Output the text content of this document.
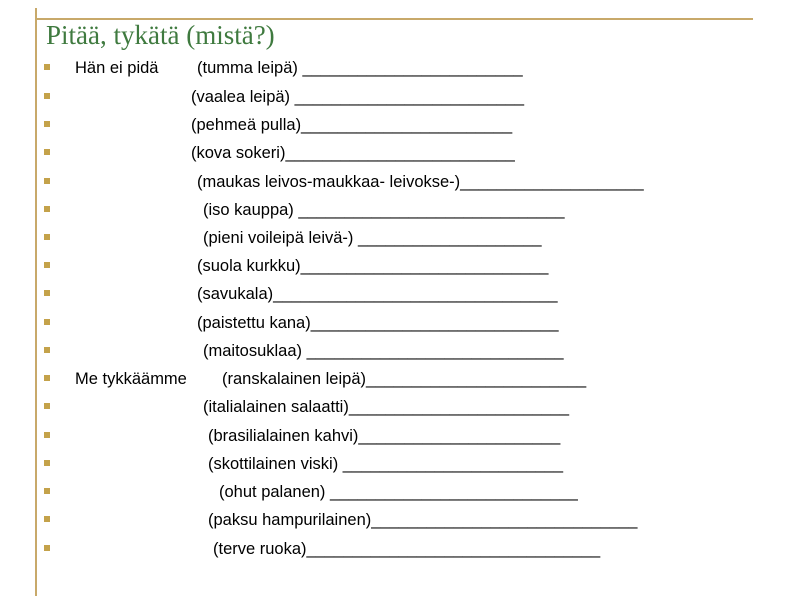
Pitää, tykätä (mistä?)
Hän ei pidä (tumma leipä) ________________________
(vaalea leipä) _________________________
(pehmeä pulla)_______________________
(kova sokeri)_________________________
(maukas leivos-maukkaa- leivokse-)____________________
(iso kauppa) _____________________________
(pieni voileipä leivä-) ____________________
(suola kurkku)___________________________
(savukala)_______________________________
(paistettu kana)___________________________
(maitosuklaa) ____________________________
Me tykkäämme (ranskalainen leipä)________________________
(italialainen salaatti)________________________
(brasilialainen kahvi)______________________
(skottilainen viski) ________________________
(ohut palanen) ___________________________
(paksu hampurilainen)_____________________________
(terve ruoka)________________________________
